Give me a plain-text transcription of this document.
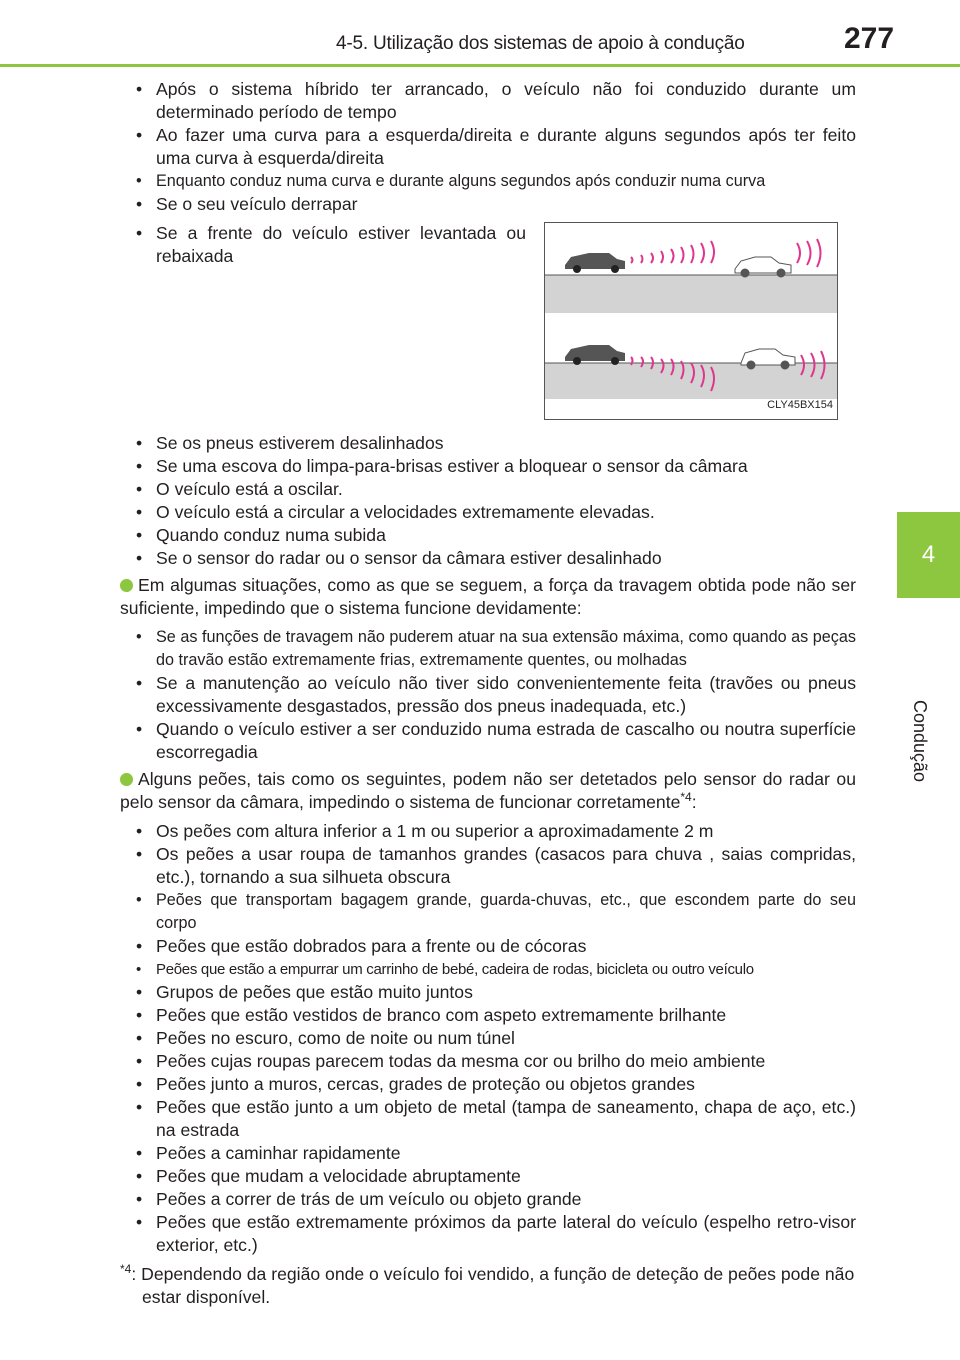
4-5. Utilização dos sistemas de apoio à condução	277
4
Condução
• Após o sistema híbrido ter arrancado, o veículo não foi conduzido durante um determinado período de tempo
• Ao fazer uma curva para a esquerda/direita e durante alguns segundos após ter feito uma curva à esquerda/direita
• Enquanto conduz numa curva e durante alguns segundos após conduzir numa curva
• Se o seu veículo derrapar
• Se a frente do veículo estiver levantada ou rebaixada
CLY45BX154
• Se os pneus estiverem desalinhados
• Se uma escova do limpa-para-brisas estiver a bloquear o sensor da câmara
• O veículo está a oscilar.
• O veículo está a circular a velocidades extremamente elevadas.
• Quando conduz numa subida
• Se o sensor do radar ou o sensor da câmara estiver desalinhado
Em algumas situações, como as que se seguem, a força da travagem obtida pode não ser suficiente, impedindo que o sistema funcione devidamente:
• Se as funções de travagem não puderem atuar na sua extensão máxima, como quando as peças do travão estão extremamente frias, extremamente quentes, ou molhadas
• Se a manutenção ao veículo não tiver sido convenientemente feita (travões ou pneus excessivamente desgastados, pressão dos pneus inadequada, etc.)
• Quando o veículo estiver a ser conduzido numa estrada de cascalho ou noutra superfície escorregadia
Alguns peões, tais como os seguintes, podem não ser detetados pelo sensor do radar ou pelo sensor da câmara, impedindo o sistema de funcionar corretamente$^{*4}$:
• Os peões com altura inferior a 1 m ou superior a aproximadamente 2 m
• Os peões a usar roupa de tamanhos grandes (casacos para chuva , saias compridas, etc.), tornando a sua silhueta obscura
• Peões que transportam bagagem grande, guarda-chuvas, etc., que escondem parte do seu corpo
• Peões que estão dobrados para a frente ou de cócoras
• Peões que estão a empurrar um carrinho de bebé, cadeira de rodas, bicicleta ou outro veículo
• Grupos de peões que estão muito juntos
• Peões que estão vestidos de branco com aspeto extremamente brilhante
• Peões no escuro, como de noite ou num túnel
• Peões cujas roupas parecem todas da mesma cor ou brilho do meio ambiente
• Peões junto a muros, cercas, grades de proteção ou objetos grandes
• Peões que estão junto a um objeto de metal (tampa de saneamento, chapa de aço, etc.) na estrada
• Peões a caminhar rapidamente
• Peões que mudam a velocidade abruptamente
• Peões a correr de trás de um veículo ou objeto grande
• Peões que estão extremamente próximos da parte lateral do veículo (espelho retro-visor exterior, etc.)
$^{*4}$: Dependendo da região onde o veículo foi vendido, a função de deteção de peões pode não estar disponível.
